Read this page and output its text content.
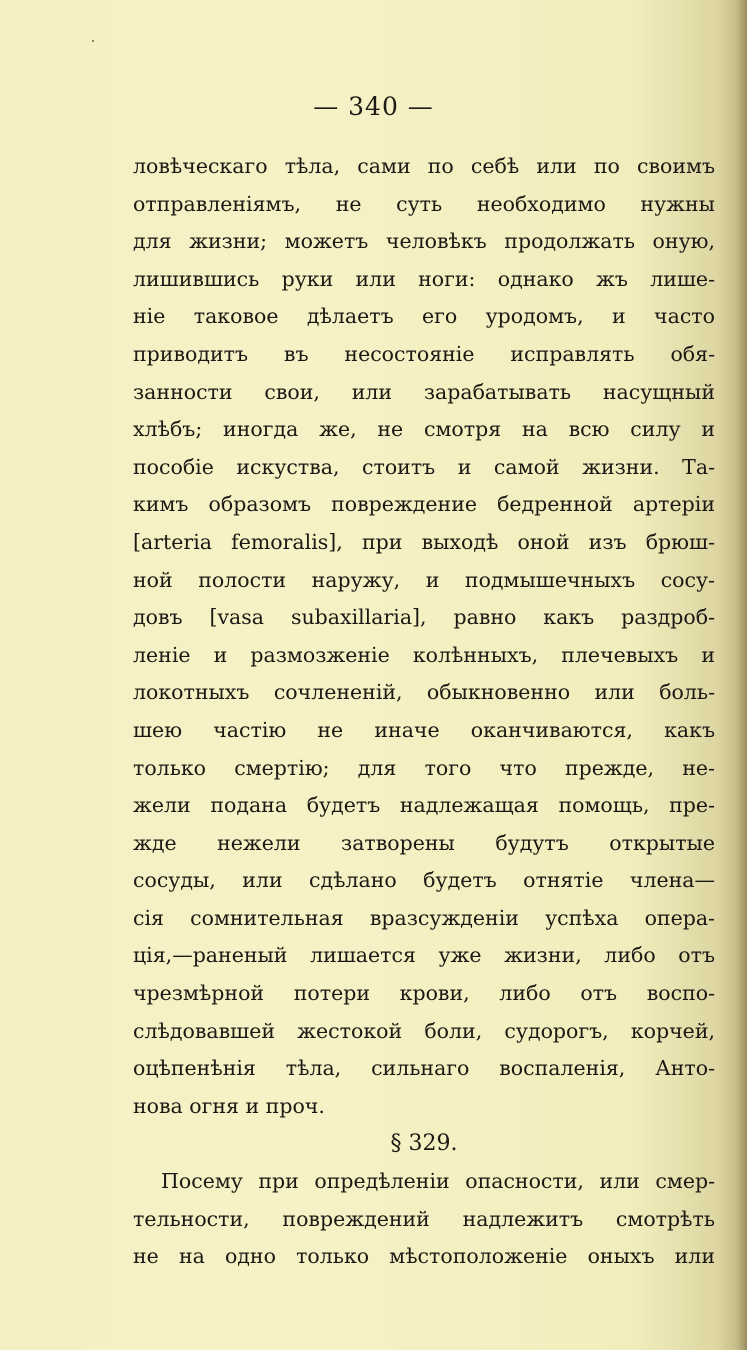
— 340 —
ловѣческаго тѣла, сами по себѣ или по своимъ
отправленіямъ, не суть необходимо нужны
для жизни; можетъ человѣкъ продолжать оную,
лишившись руки или ноги: однако жъ лише-
ніе таковое дѣлаетъ его уродомъ, и часто
приводитъ въ несостояніе исправлять обя-
занности свои, или зарабатывать насущный
хлѣбъ; иногда же, не смотря на всю силу и
пособіе искуства, стоитъ и самой жизни. Та-
кимъ образомъ повреждение бедренной артеріи
[arteria femoralis], при выходѣ оной изъ брюш-
ной полости наружу, и подмышечныхъ сосу-
довъ [vasa subaxillaria], равно какъ раздроб-
леніе и размозженіе колѣнныхъ, плечевыхъ и
локотныхъ сочлененій, обыкновенно или боль-
шею частію не иначе оканчиваются, какъ
только смертію; для того что прежде, не-
жели подана будетъ надлежащая помощь, пре-
жде нежели затворены будутъ открытые
сосуды, или сдѣлано будетъ отнятіе члена—
сія сомнительная вразсужденіи успѣха опера-
ція,—раненый лишается уже жизни, либо отъ
чрезмѣрной потери крови, либо отъ воспо-
слѣдовавшей жестокой боли, судорогъ, корчей,
оцѣпенѣнія тѣла, сильнаго воспаленія, Анто-
нова огня и проч.
§ 329.
Посему при опредѣленіи опасности, или смер-
тельности, повреждений надлежитъ смотрѣть
не на одно только мѣстоположеніе оныхъ или
